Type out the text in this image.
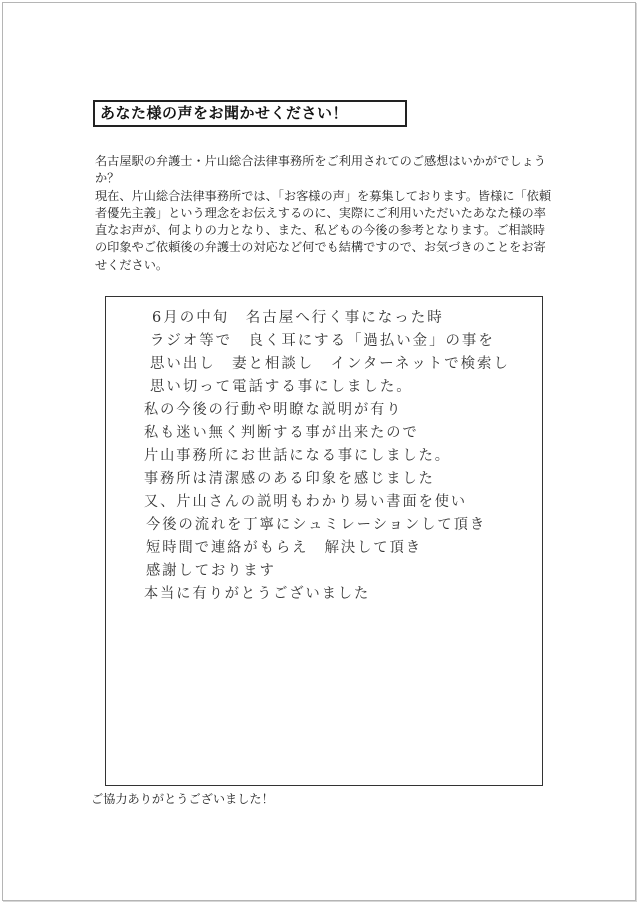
あなた様の声をお聞かせください！

名古屋駅の弁護士・片山総合法律事務所をご利用されてのご感想はいかがでしょうか？

現在、片山総合法律事務所では、「お客様の声」を募集しております。皆様に「依頼者優先主義」という理念をお伝えするのに、実際にご利用いただいたあなた様の率直なお声が、何よりの力となり、また、私どもの今後の参考となります。ご相談時の印象やご依頼後の弁護士の対応など何でも結構ですので、お気づきのことをお寄せください。

6月の中旬　名古屋へ行く事になった時
ラジオ等で　良く耳にする「過払い金」の事を
思い出し　妻と相談し　インターネットで検索し
思い切って電話する事にしました。
私の今後の行動や明瞭な説明が有り
私も迷い無く判断する事が出来たので
片山事務所にお世話になる事にしました。
事務所は清潔感のある印象を感じました
又、片山さんの説明もわかり易い書面を使い
今後の流れを丁寧にシュミレーションして頂き
短時間で連絡がもらえ　解決して頂き
感謝しております
本当に有りがとうございました
ご協力ありがとうございました！
